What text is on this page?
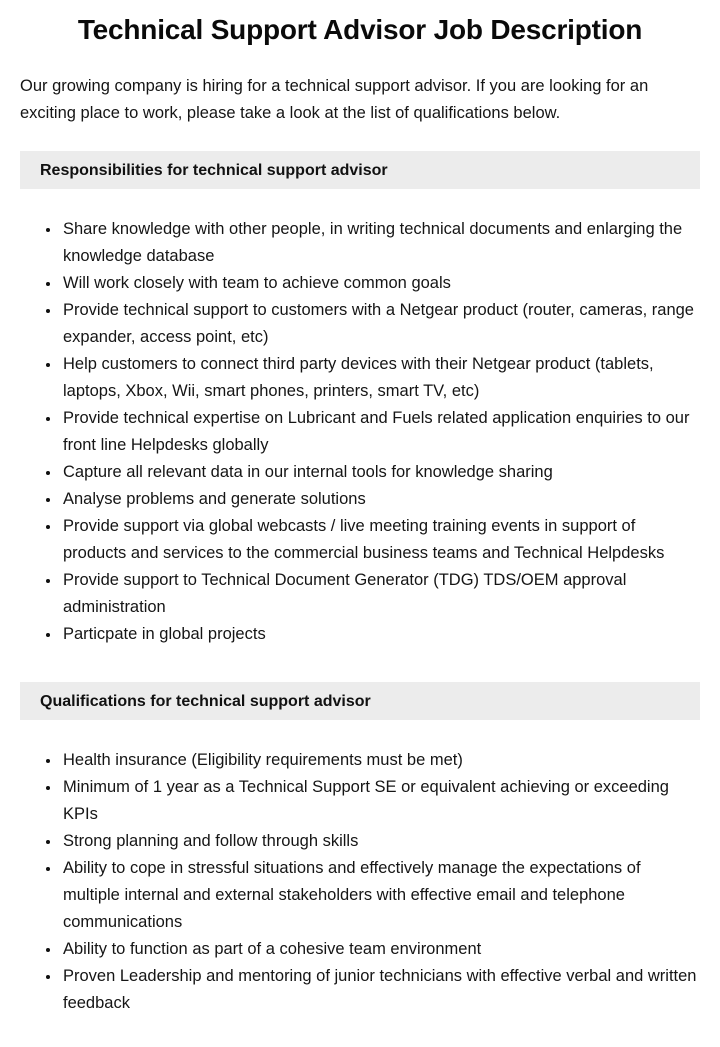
Technical Support Advisor Job Description

Our growing company is hiring for a technical support advisor. If you are looking for an exciting place to work, please take a look at the list of qualifications below.

Responsibilities for technical support advisor
• Share knowledge with other people, in writing technical documents and enlarging the knowledge database
• Will work closely with team to achieve common goals
• Provide technical support to customers with a Netgear product (router, cameras, range expander, access point, etc)
• Help customers to connect third party devices with their Netgear product (tablets, laptops, Xbox, Wii, smart phones, printers, smart TV, etc)
• Provide technical expertise on Lubricant and Fuels related application enquiries to our front line Helpdesks globally
• Capture all relevant data in our internal tools for knowledge sharing
• Analyse problems and generate solutions
• Provide support via global webcasts / live meeting training events in support of products and services to the commercial business teams and Technical Helpdesks
• Provide support to Technical Document Generator (TDG) TDS/OEM approval administration
• Particpate in global projects
Qualifications for technical support advisor
• Health insurance (Eligibility requirements must be met)
• Minimum of 1 year as a Technical Support SE or equivalent achieving or exceeding KPIs
• Strong planning and follow through skills
• Ability to cope in stressful situations and effectively manage the expectations of multiple internal and external stakeholders with effective email and telephone communications
• Ability to function as part of a cohesive team environment
• Proven Leadership and mentoring of junior technicians with effective verbal and written feedback
